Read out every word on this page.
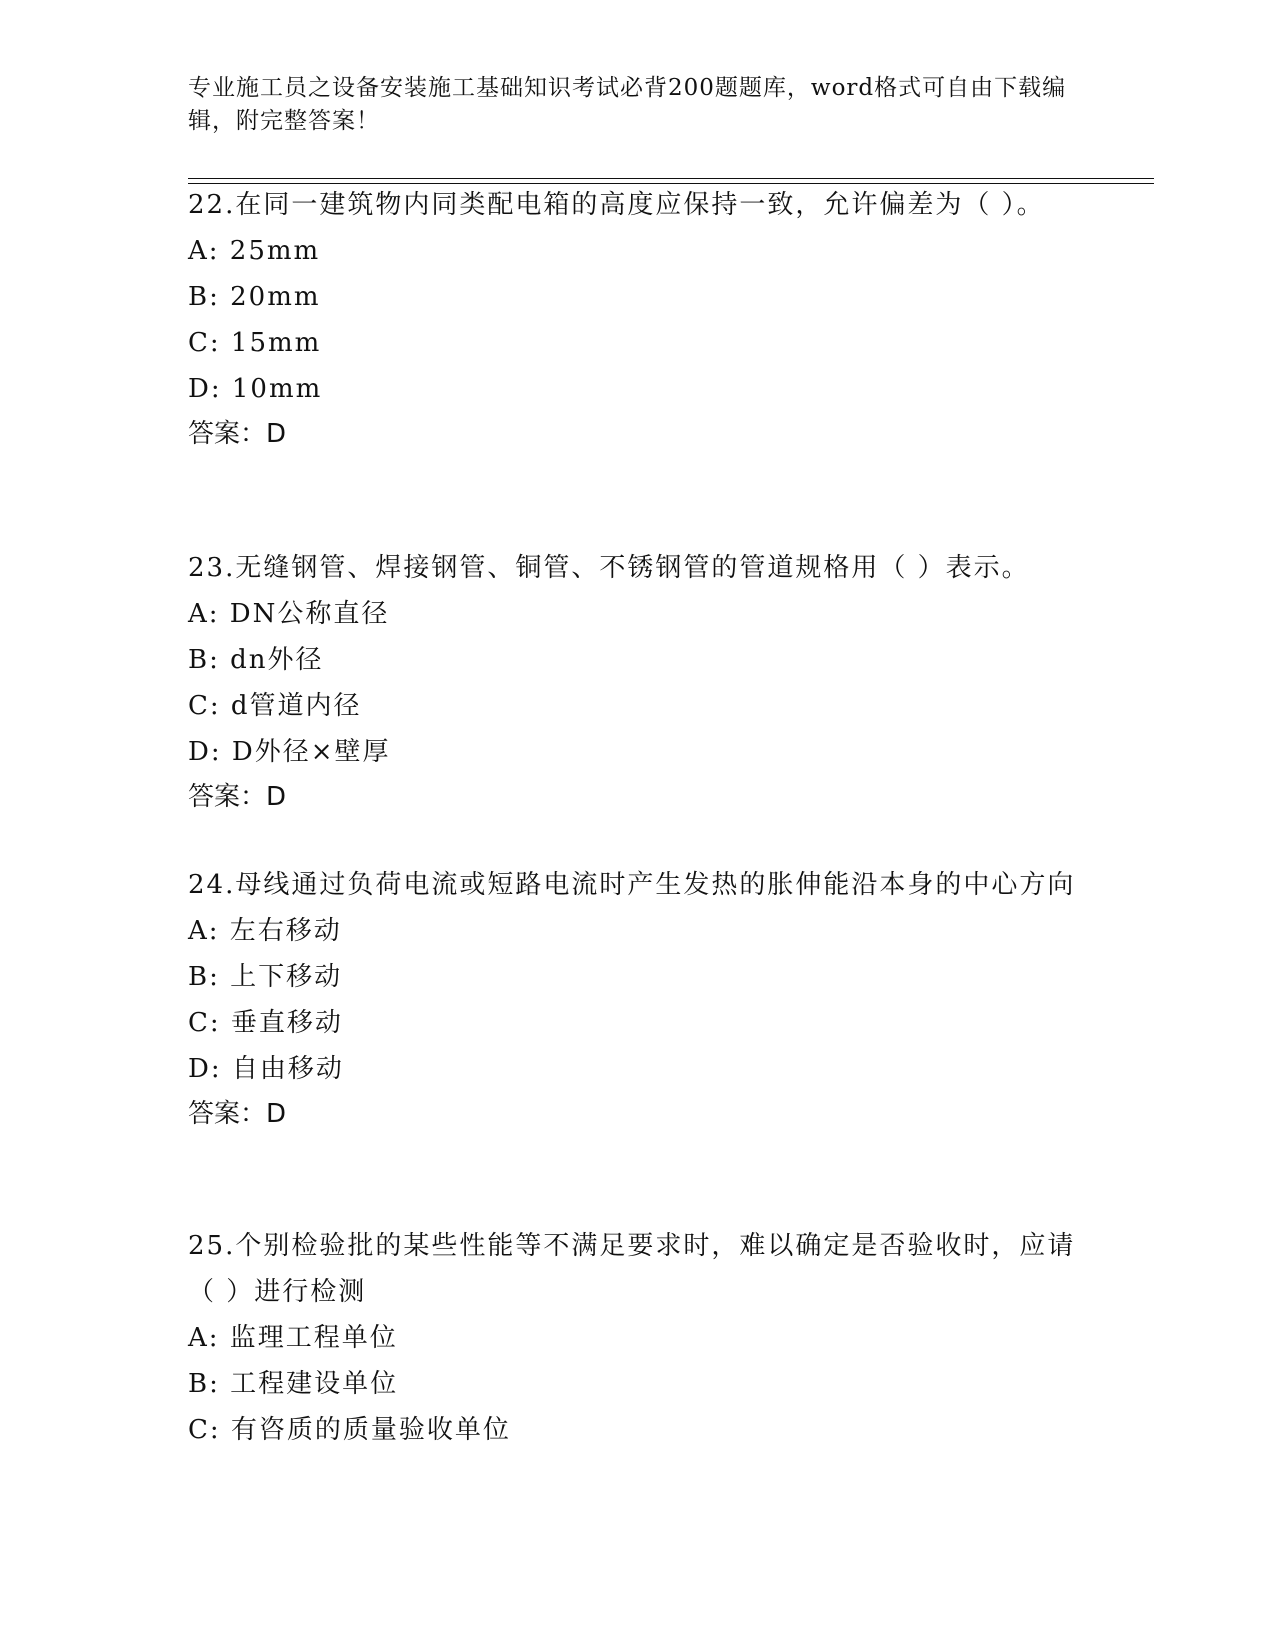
专业施工员之设备安装施工基础知识考试必背200题题库，word格式可自由下载编辑，附完整答案！

22.在同一建筑物内同类配电箱的高度应保持一致，允许偏差为（ ）。

A: 25mm

B: 20mm

C: 15mm

D: 10mm

答案：D

23.无缝钢管、焊接钢管、铜管、不锈钢管的管道规格用（ ）表示。

A: DN公称直径

B: dn外径

C: d管道内径

D: D外径×壁厚

答案：D

24.母线通过负荷电流或短路电流时产生发热的胀伸能沿本身的中心方向

A: 左右移动

B: 上下移动

C: 垂直移动

D: 自由移动

答案：D

25.个别检验批的某些性能等不满足要求时，难以确定是否验收时，应请（ ）进行检测

A: 监理工程单位

B: 工程建设单位

C: 有咨质的质量验收单位
